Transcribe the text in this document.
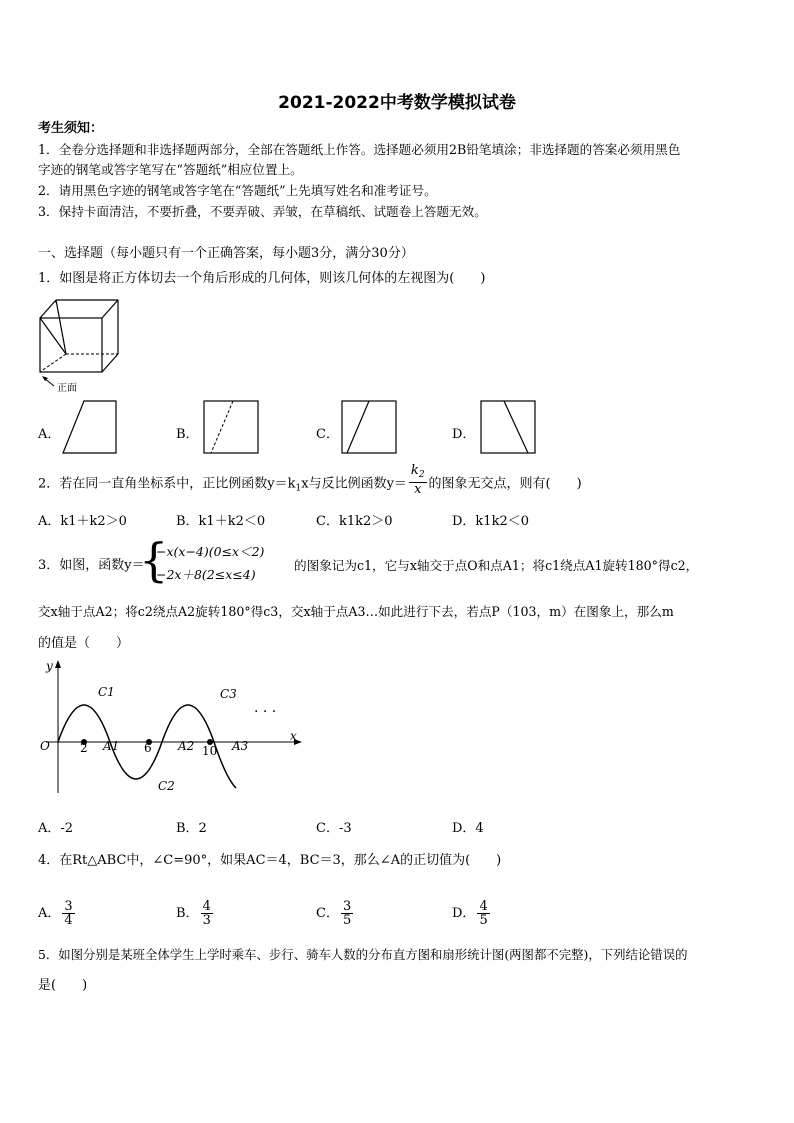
2021-2022中考数学模拟试卷
考生须知：
1．全卷分选择题和非选择题两部分，全部在答题纸上作答。选择题必须用2B铅笔填涂；非选择题的答案必须用黑色
字迹的钢笔或答字笔写在“答题纸”相应位置上。
2．请用黑色字迹的钢笔或答字笔在“答题纸”上先填写姓名和准考证号。
3．保持卡面清洁，不要折叠，不要弄破、弄皱，在草稿纸、试题卷上答题无效。
一、选择题（每小题只有一个正确答案，每小题3分，满分30分）
1．如图是将正方体切去一个角后形成的几何体，则该几何体的左视图为(　　)
正面
A．	B．	C．	D．
2．若在同一直角坐标系中，正比例函数$y=k_1x$与反比例函数$y= \frac{k_2}{x}$ 的图象无交点，则有(　　)
A．k1＋k2＞0	B．k1＋k2＜0	C．k1k2＞0	D．k1k2＜0
3．如图，函数y＝
{
−x(x−4)(0≤x＜2)
−2x＋8(2≤x≤4)
的图象记为c1，它与x轴交于点O和点A1；将c1绕点A1旋转180°得c2，
交x轴于点A2；将c2绕点A2旋转180°得c3，交x轴于点A3…如此进行下去，若点P（103，m）在图象上，那么m
的值是（　　）
y
x
O	2	6	10
A1	A2	A3
C1
C2
C3
· · ·
A．-2	B．2	C．-3	D．4
4．在Rt△ABC中，∠C=90°，如果AC＝4，BC＝3，那么∠A的正切值为(　　)
A． $\frac{3}{4}$	B． $\frac{4}{3}$	C． $\frac{3}{5}$	D． $\frac{4}{5}$
5．如图分别是某班全体学生上学时乘车、步行、骑车人数的分布直方图和扇形统计图(两图都不完整)，下列结论错误的
是(　　)
